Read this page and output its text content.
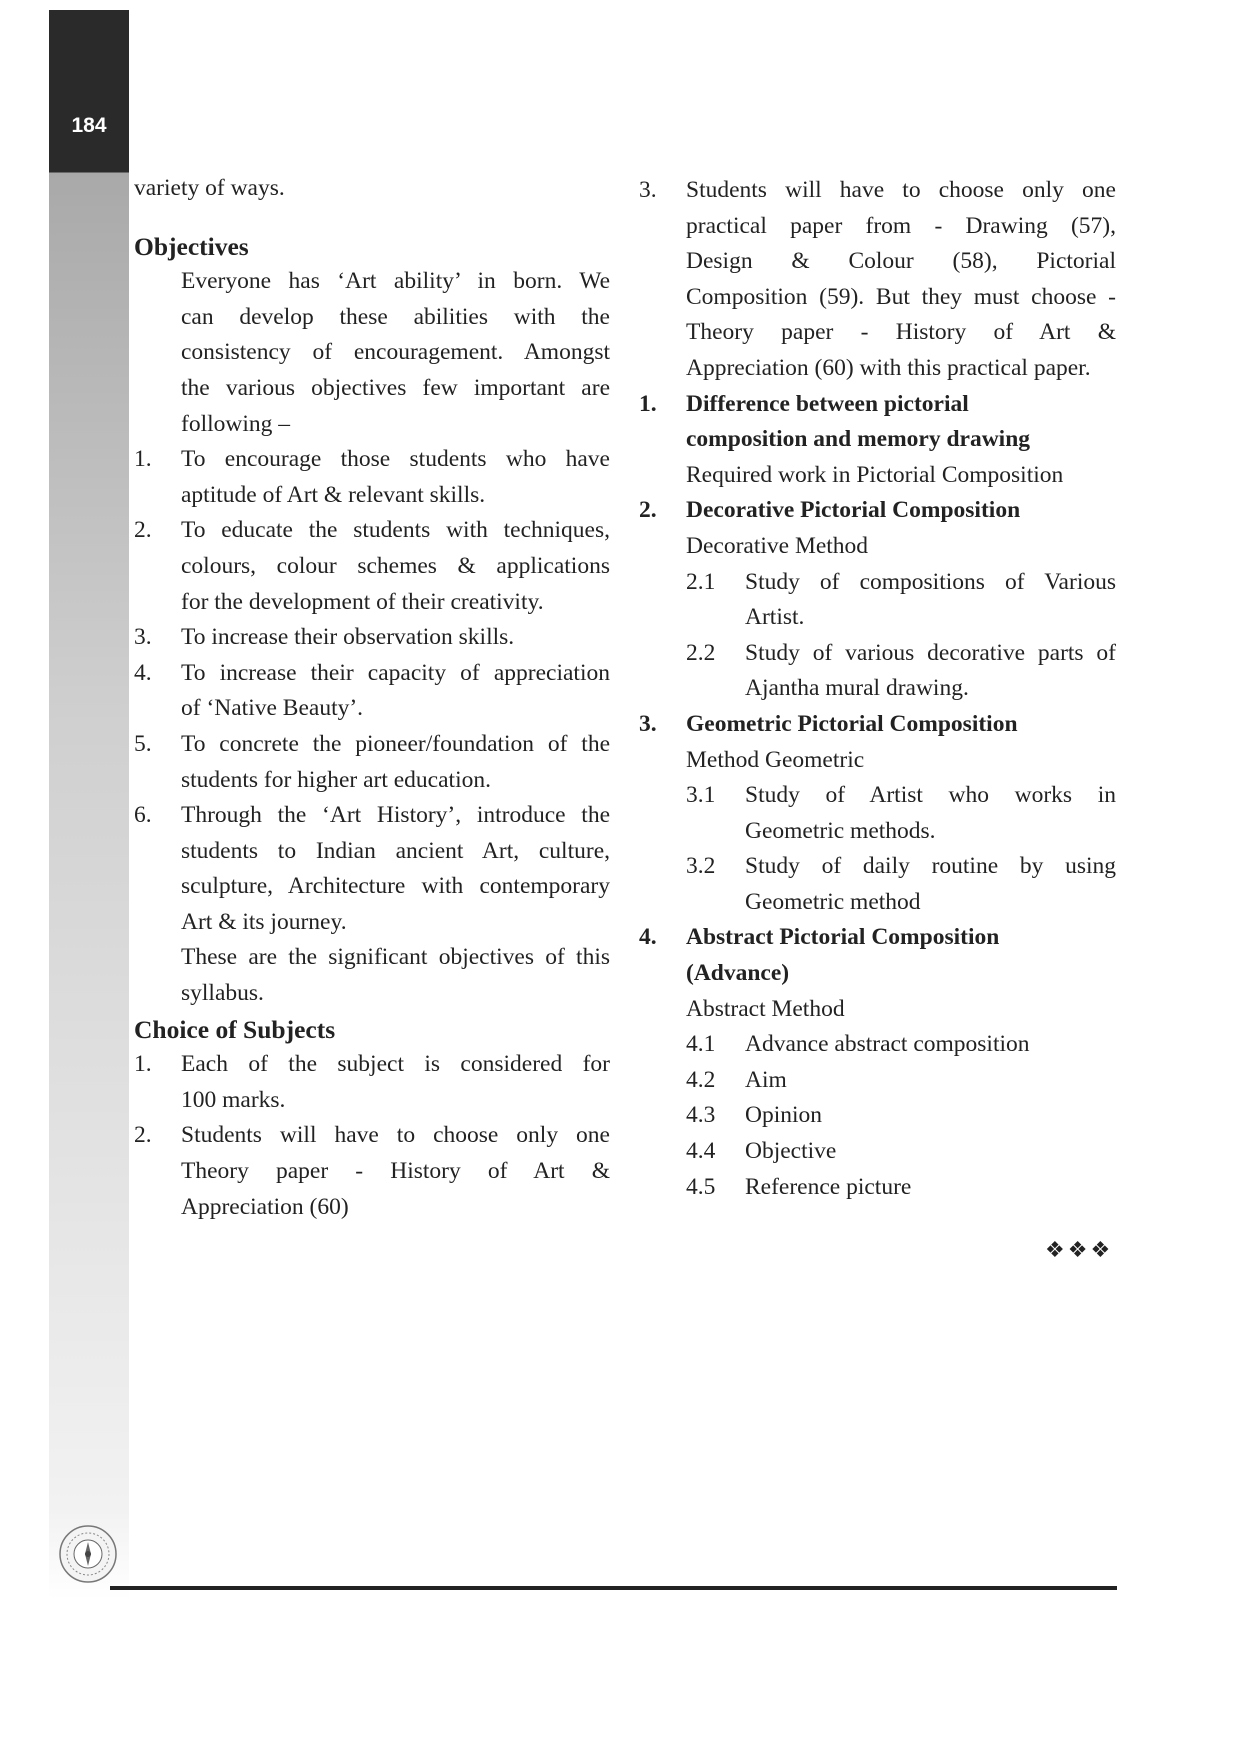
184
variety of ways.
Objectives
Everyone has ‘Art ability’ in born. We
can develop these abilities with the
consistency of encouragement. Amongst
the various objectives few important are
following –
1.	To encourage those students who have
aptitude of Art & relevant skills.
2.	To educate the students with techniques,
colours, colour schemes & applications
for the development of their creativity.
3.	To increase their observation skills.
4.	To increase their capacity of appreciation
of ‘Native Beauty’.
5.	To concrete the pioneer/foundation of the
students for higher art education.
6.	Through the ‘Art History’, introduce the
students to Indian ancient Art, culture,
sculpture, Architecture with contemporary
Art & its journey.
These are the significant objectives of this
syllabus.
Choice of Subjects
1.	Each of the subject is considered for
100 marks.
2.	Students will have to choose only one
Theory paper - History of Art &
Appreciation (60)
3.	Students will have to choose only one
practical paper from - Drawing (57),
Design & Colour (58), Pictorial
Composition (59). But they must choose -
Theory paper - History of Art &
Appreciation (60) with this practical paper.
1.	Difference between pictorial
composition and memory drawing
Required work in Pictorial Composition
2.	Decorative Pictorial Composition
Decorative Method
2.1	Study of compositions of Various
Artist.
2.2	Study of various decorative parts of
Ajantha mural drawing.
3.	Geometric Pictorial Composition
Method Geometric
3.1	Study of Artist who works in
Geometric methods.
3.2	Study of daily routine by using
Geometric method
4.	Abstract Pictorial Composition
(Advance)
Abstract Method
4.1	Advance abstract composition
4.2	Aim
4.3	Opinion
4.4	Objective
4.5	Reference picture
❖❖❖
